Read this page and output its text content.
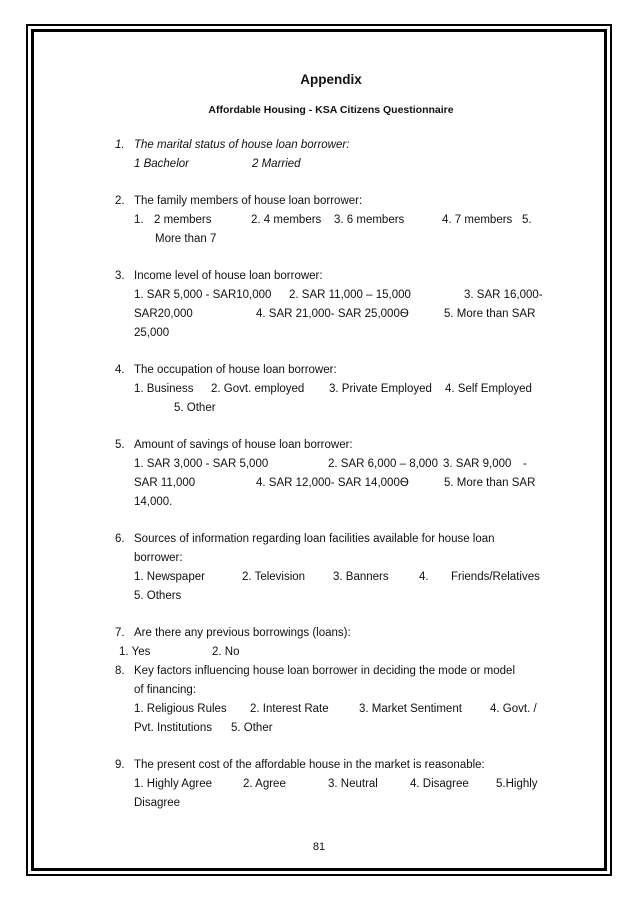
Appendix
Affordable Housing - KSA Citizens Questionnaire
1. The marital status of house loan borrower:
1 Bachelor	2 Married
2. The family members of house loan borrower:
1. 2 members	2. 4 members	3. 6 members	4. 7 members 5.
More than 7
3. Income level of house loan borrower:
1. SAR 5,000 - SAR10,000	2. SAR 11,000 – 15,000	3. SAR 16,000-
SAR20,000	4. SAR 21,000- SAR 25,000Ѳ	5. More than SAR
25,000
4. The occupation of house loan borrower:
1. Business	2. Govt. employed	3. Private Employed	4. Self Employed
5. Other
5. Amount of savings of house loan borrower:
1. SAR 3,000 - SAR 5,000	2. SAR 6,000 – 8,000 3. SAR 9,000	-
SAR 11,000	4. SAR 12,000- SAR 14,000Ѳ	5. More than SAR
14,000.
6. Sources of information regarding loan facilities available for house loan
borrower:
1. Newspaper	2. Television	3. Banners	4.	Friends/Relatives
5. Others
7. Are there any previous borrowings (loans):
1. Yes	2. No
8. Key factors influencing house loan borrower in deciding the mode or model
of financing:
1. Religious Rules	2. Interest Rate	3. Market Sentiment	4. Govt. /
Pvt. Institutions	5. Other
9. The present cost of the affordable house in the market is reasonable:
1. Highly Agree	2. Agree	3. Neutral	4. Disagree	5.Highly
Disagree
81
